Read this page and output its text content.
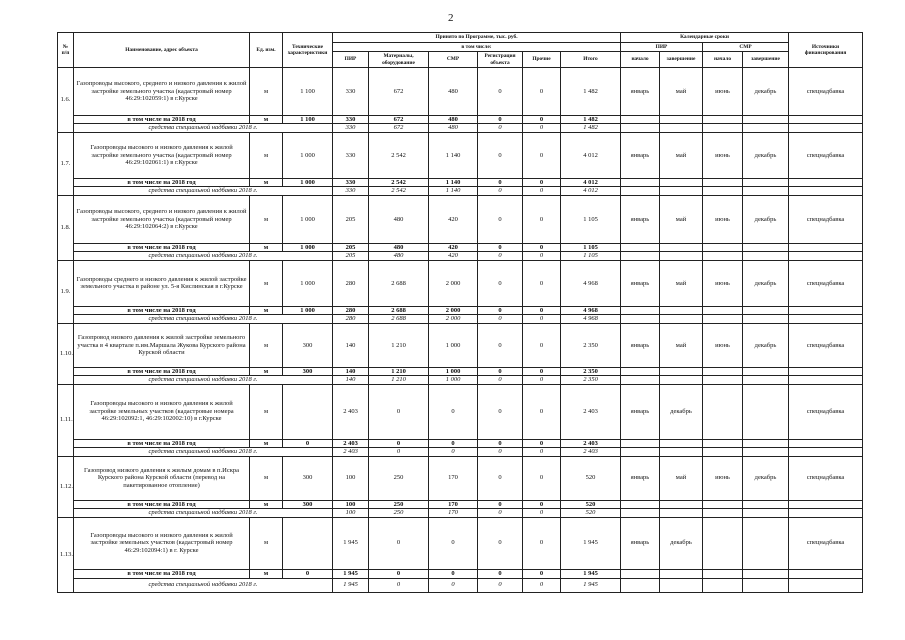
2
№ п/п	Наименование, адрес объекта	Ед. изм.	Технические характеристики	Принято по Программе, тыс. руб.						Календарные сроки				Источники финансирования
				в том числе:						ПИР		СМР		
				ПИР	Материалы, оборудование	СМР	Регистрация объекта	Прочие	Итого	начало	завершение	начало	завершение	
1.6.	Газопроводы высокого, среднего и низкого давления к жилой застройке земельного участка (кадастровый номер 46:29:102059:1) в г.Курске	м	1 100	330	672	480	0	0	1 482	январь	май	июнь	декабрь	спецнадбавка
	в том числе на 2018 год	м	1 100	330	672	480	0	0	1 482					
	средства специальной надбавки 2018 г.			330	672	480	0	0	1 482					
1.7.	Газопроводы высокого и низкого давления к жилой застройке земельного участка (кадастровый номер 46:29:102061:1) в г.Курске	м	1 000	330	2 542	1 140	0	0	4 012	январь	май	июнь	декабрь	спецнадбавка
	в том числе на 2018 год	м	1 000	330	2 542	1 140	0	0	4 012					
	средства специальной надбавки 2018 г.			330	2 542	1 140	0	0	4 012					
1.8.	Газопроводы высокого, среднего и низкого давления к жилой застройке земельного участка (кадастровый номер 46:29:102064:2) в г.Курске	м	1 000	205	480	420	0	0	1 105	январь	май	июнь	декабрь	спецнадбавка
	в том числе на 2018 год	м	1 000	205	480	420	0	0	1 105					
	средства специальной надбавки 2018 г.			205	480	420	0	0	1 105					
1.9.	Газопроводы среднего и низкого давления к жилой застройке земельного участка в районе ул. 5-я Кислинская в г.Курске	м	1 000	280	2 688	2 000	0	0	4 968	январь	май	июнь	декабрь	спецнадбавка
	в том числе на 2018 год	м	1 000	280	2 688	2 000	0	0	4 968					
	средства специальной надбавки 2018 г.			280	2 688	2 000	0	0	4 968					
1.10.	Газопровод низкого давления к жилой застройке земельного участка в 4 квартале п.им.Маршала Жукова Курского района Курской области	м	300	140	1 210	1 000	0	0	2 350	январь	май	июнь	декабрь	спецнадбавка
	в том числе на 2018 год	м	300	140	1 210	1 000	0	0	2 350					
	средства специальной надбавки 2018 г.			140	1 210	1 000	0	0	2 350					
1.11.	Газопроводы высокого и низкого давления к жилой застройке земельных участков (кадастровые номера 46:29:102092:1, 46:29:102002:10) в г.Курске	м		2 403	0	0	0	0	2 403	январь	декабрь			спецнадбавка
	в том числе на 2018 год	м	0	2 403	0	0	0	0	2 403					
	средства специальной надбавки 2018 г.			2 403	0	0	0	0	2 403					
1.12.	Газопровод низкого давления к жилым домам в п.Искра Курского района Курской области (перевод на пакетированное отопление)	м	300	100	250	170	0	0	520	январь	май	июнь	декабрь	спецнадбавка
	в том числе на 2018 год	м	300	100	250	170	0	0	520					
	средства специальной надбавки 2018 г.			100	250	170	0	0	520					
1.13.	Газопроводы высокого и низкого давления к жилой застройке земельных участков (кадастровый номер 46:29:102094:1) в г. Курске	м		1 945	0	0	0	0	1 945	январь	декабрь			спецнадбавка
	в том числе на 2018 год	м	0	1 945	0	0	0	0	1 945					
	средства специальной надбавки 2018 г.			1 945	0	0	0	0	1 945					
